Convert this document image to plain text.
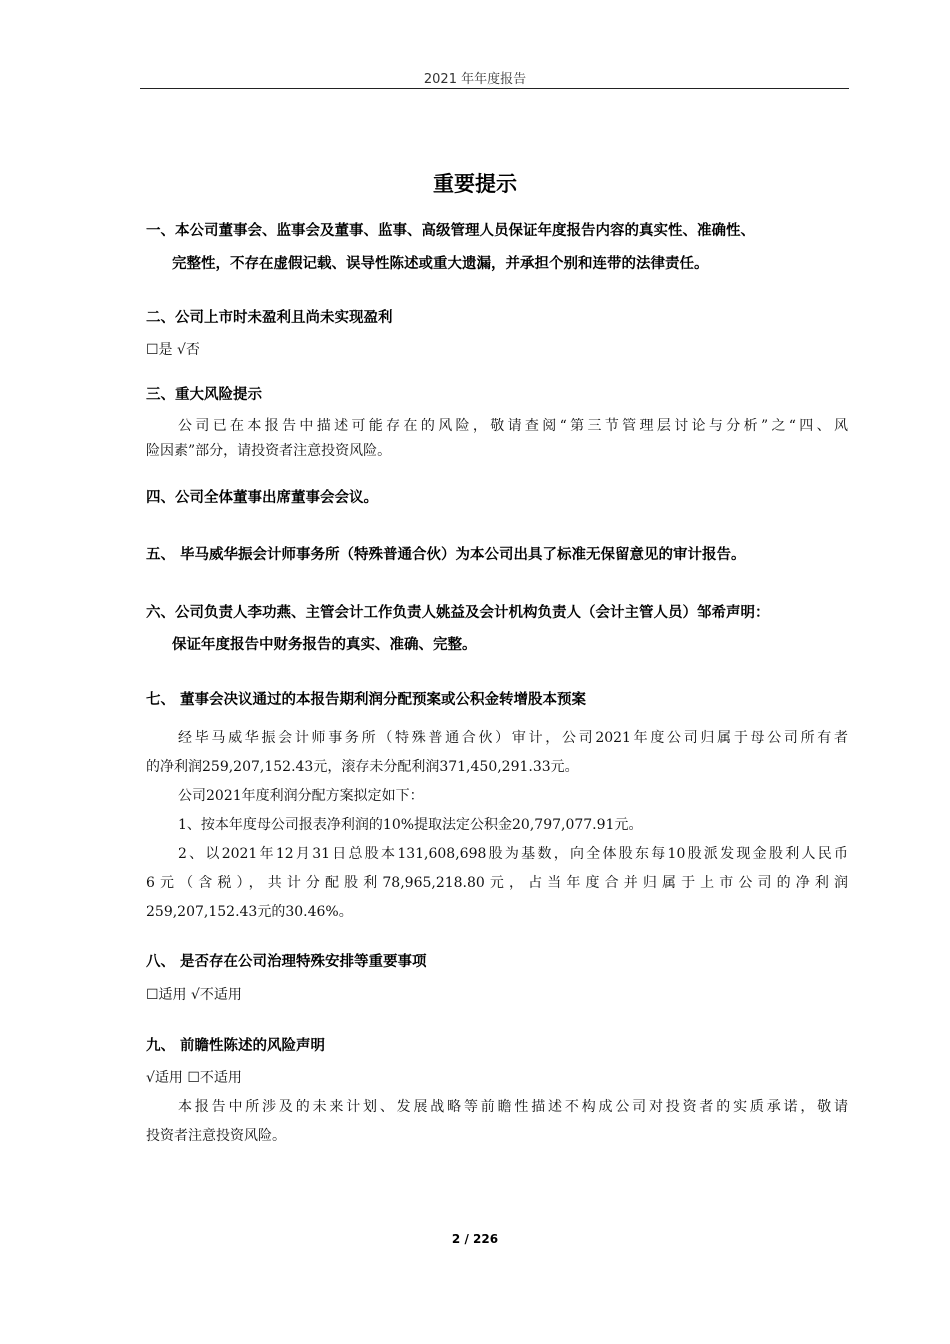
2021 年年度报告
重要提示
一、本公司董事会、监事会及董事、监事、高级管理人员保证年度报告内容的真实性、准确性、
完整性，不存在虚假记载、误导性陈述或重大遗漏，并承担个别和连带的法律责任。
二、公司上市时未盈利且尚未实现盈利
☐是 √否
三、重大风险提示
公司已在本报告中描述可能存在的风险，敬请查阅“第三节管理层讨论与分析”之“四、风
险因素”部分，请投资者注意投资风险。
四、公司全体董事出席董事会会议。
五、 毕马威华振会计师事务所（特殊普通合伙）为本公司出具了标准无保留意见的审计报告。
六、公司负责人李功燕、主管会计工作负责人姚益及会计机构负责人（会计主管人员）邹希声明：
保证年度报告中财务报告的真实、准确、完整。
七、 董事会决议通过的本报告期利润分配预案或公积金转增股本预案
经毕马威华振会计师事务所（特殊普通合伙）审计，公司2021年度公司归属于母公司所有者
的净利润259,207,152.43元，滚存未分配利润371,450,291.33元。
公司2021年度利润分配方案拟定如下：
1、按本年度母公司报表净利润的10%提取法定公积金20,797,077.91元。
2、以2021年12月31日总股本131,608,698股为基数，向全体股东每10股派发现金股利人民币
6元（含税），共计分配股利78,965,218.80元，占当年度合并归属于上市公司的净利润
259,207,152.43元的30.46%。
八、 是否存在公司治理特殊安排等重要事项
☐适用 √不适用
九、 前瞻性陈述的风险声明
√适用 ☐不适用
本报告中所涉及的未来计划、发展战略等前瞻性描述不构成公司对投资者的实质承诺，敬请
投资者注意投资风险。
2 / 226
